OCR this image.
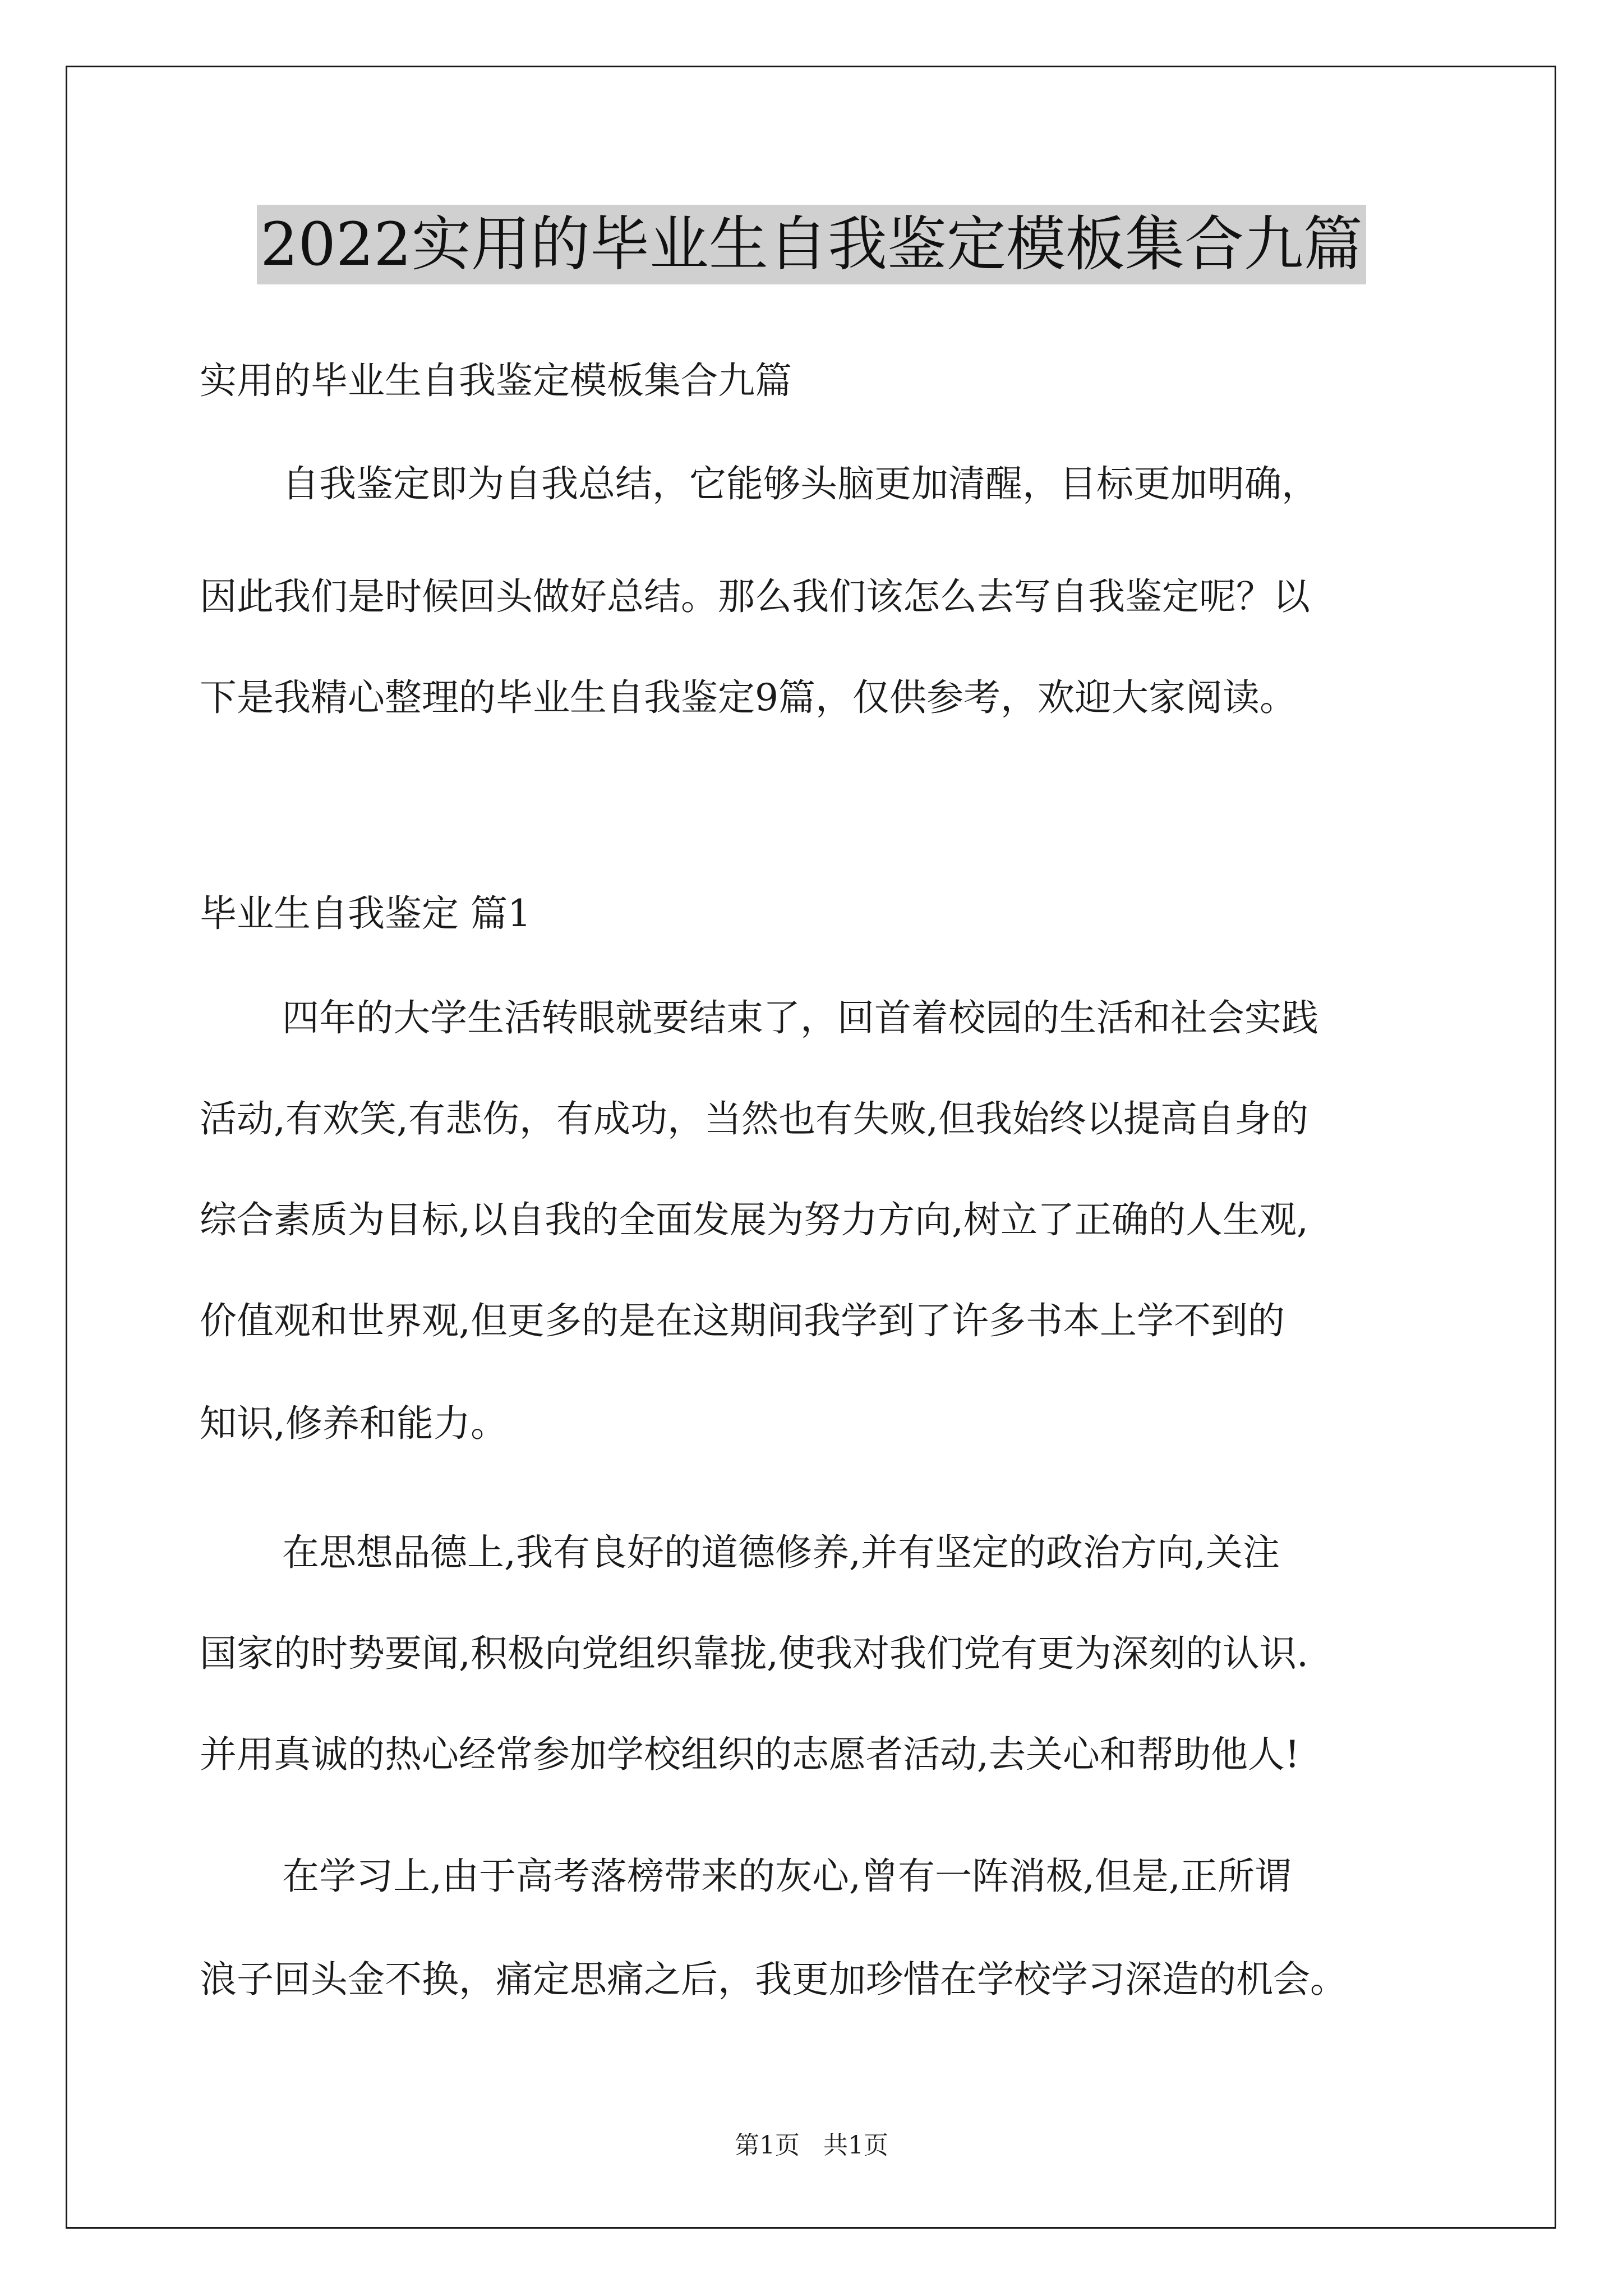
2022实用的毕业生自我鉴定模板集合九篇
实用的毕业生自我鉴定模板集合九篇
自我鉴定即为自我总结，它能够头脑更加清醒，目标更加明确，
因此我们是时候回头做好总结。那么我们该怎么去写自我鉴定呢？以
下是我精心整理的毕业生自我鉴定9篇，仅供参考，欢迎大家阅读。
毕业生自我鉴定 篇1
四年的大学生活转眼就要结束了，回首着校园的生活和社会实践
活动,有欢笑,有悲伤，有成功，当然也有失败,但我始终以提高自身的
综合素质为目标,以自我的全面发展为努力方向,树立了正确的人生观,
价值观和世界观,但更多的是在这期间我学到了许多书本上学不到的
知识,修养和能力。
在思想品德上,我有良好的道德修养,并有坚定的政治方向,关注
国家的时势要闻,积极向党组织靠拢,使我对我们党有更为深刻的认识.
并用真诚的热心经常参加学校组织的志愿者活动,去关心和帮助他人!
在学习上,由于高考落榜带来的灰心,曾有一阵消极,但是,正所谓
浪子回头金不换，痛定思痛之后，我更加珍惜在学校学习深造的机会。
第1页   共1页
